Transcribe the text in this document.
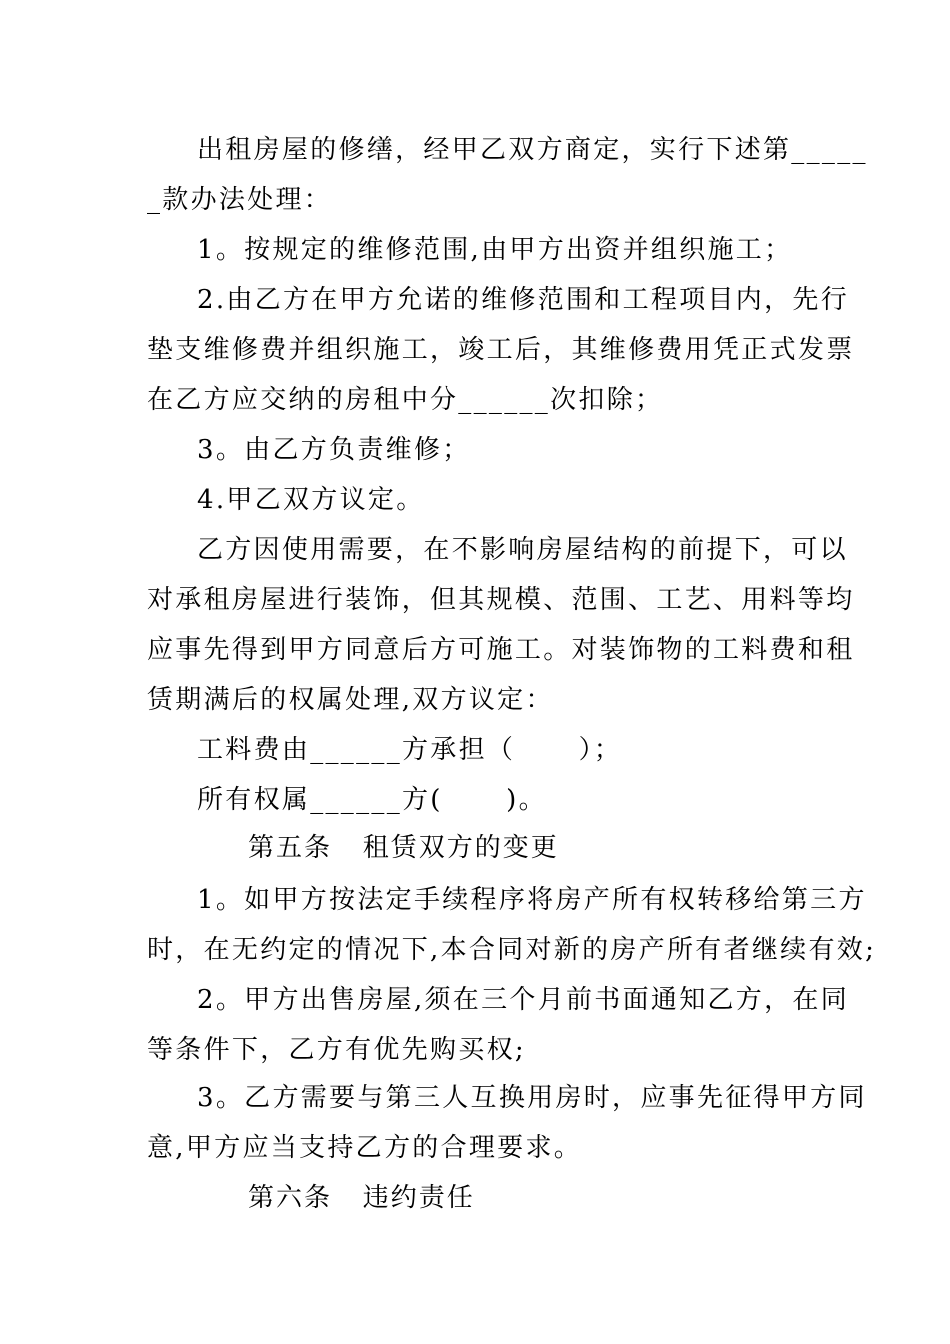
出租房屋的修缮，经甲乙双方商定，实行下述第_____
_款办法处理：
1。按规定的维修范围,由甲方出资并组织施工；
2.由乙方在甲方允诺的维修范围和工程项目内，先行
垫支维修费并组织施工，竣工后，其维修费用凭正式发票
在乙方应交纳的房租中分______次扣除；
3。由乙方负责维修；
4.甲乙双方议定。
乙方因使用需要，在不影响房屋结构的前提下，可以
对承租房屋进行装饰，但其规模、范围、工艺、用料等均
应事先得到甲方同意后方可施工。对装饰物的工料费和租
赁期满后的权属处理,双方议定：
工料费由______方承担（      ）；
所有权属______方(      )。
第五条   租赁双方的变更
1。如甲方按法定手续程序将房产所有权转移给第三方
时，在无约定的情况下,本合同对新的房产所有者继续有效;
2。甲方出售房屋,须在三个月前书面通知乙方，在同
等条件下，乙方有优先购买权;
3。乙方需要与第三人互换用房时，应事先征得甲方同
意,甲方应当支持乙方的合理要求。
第六条   违约责任
